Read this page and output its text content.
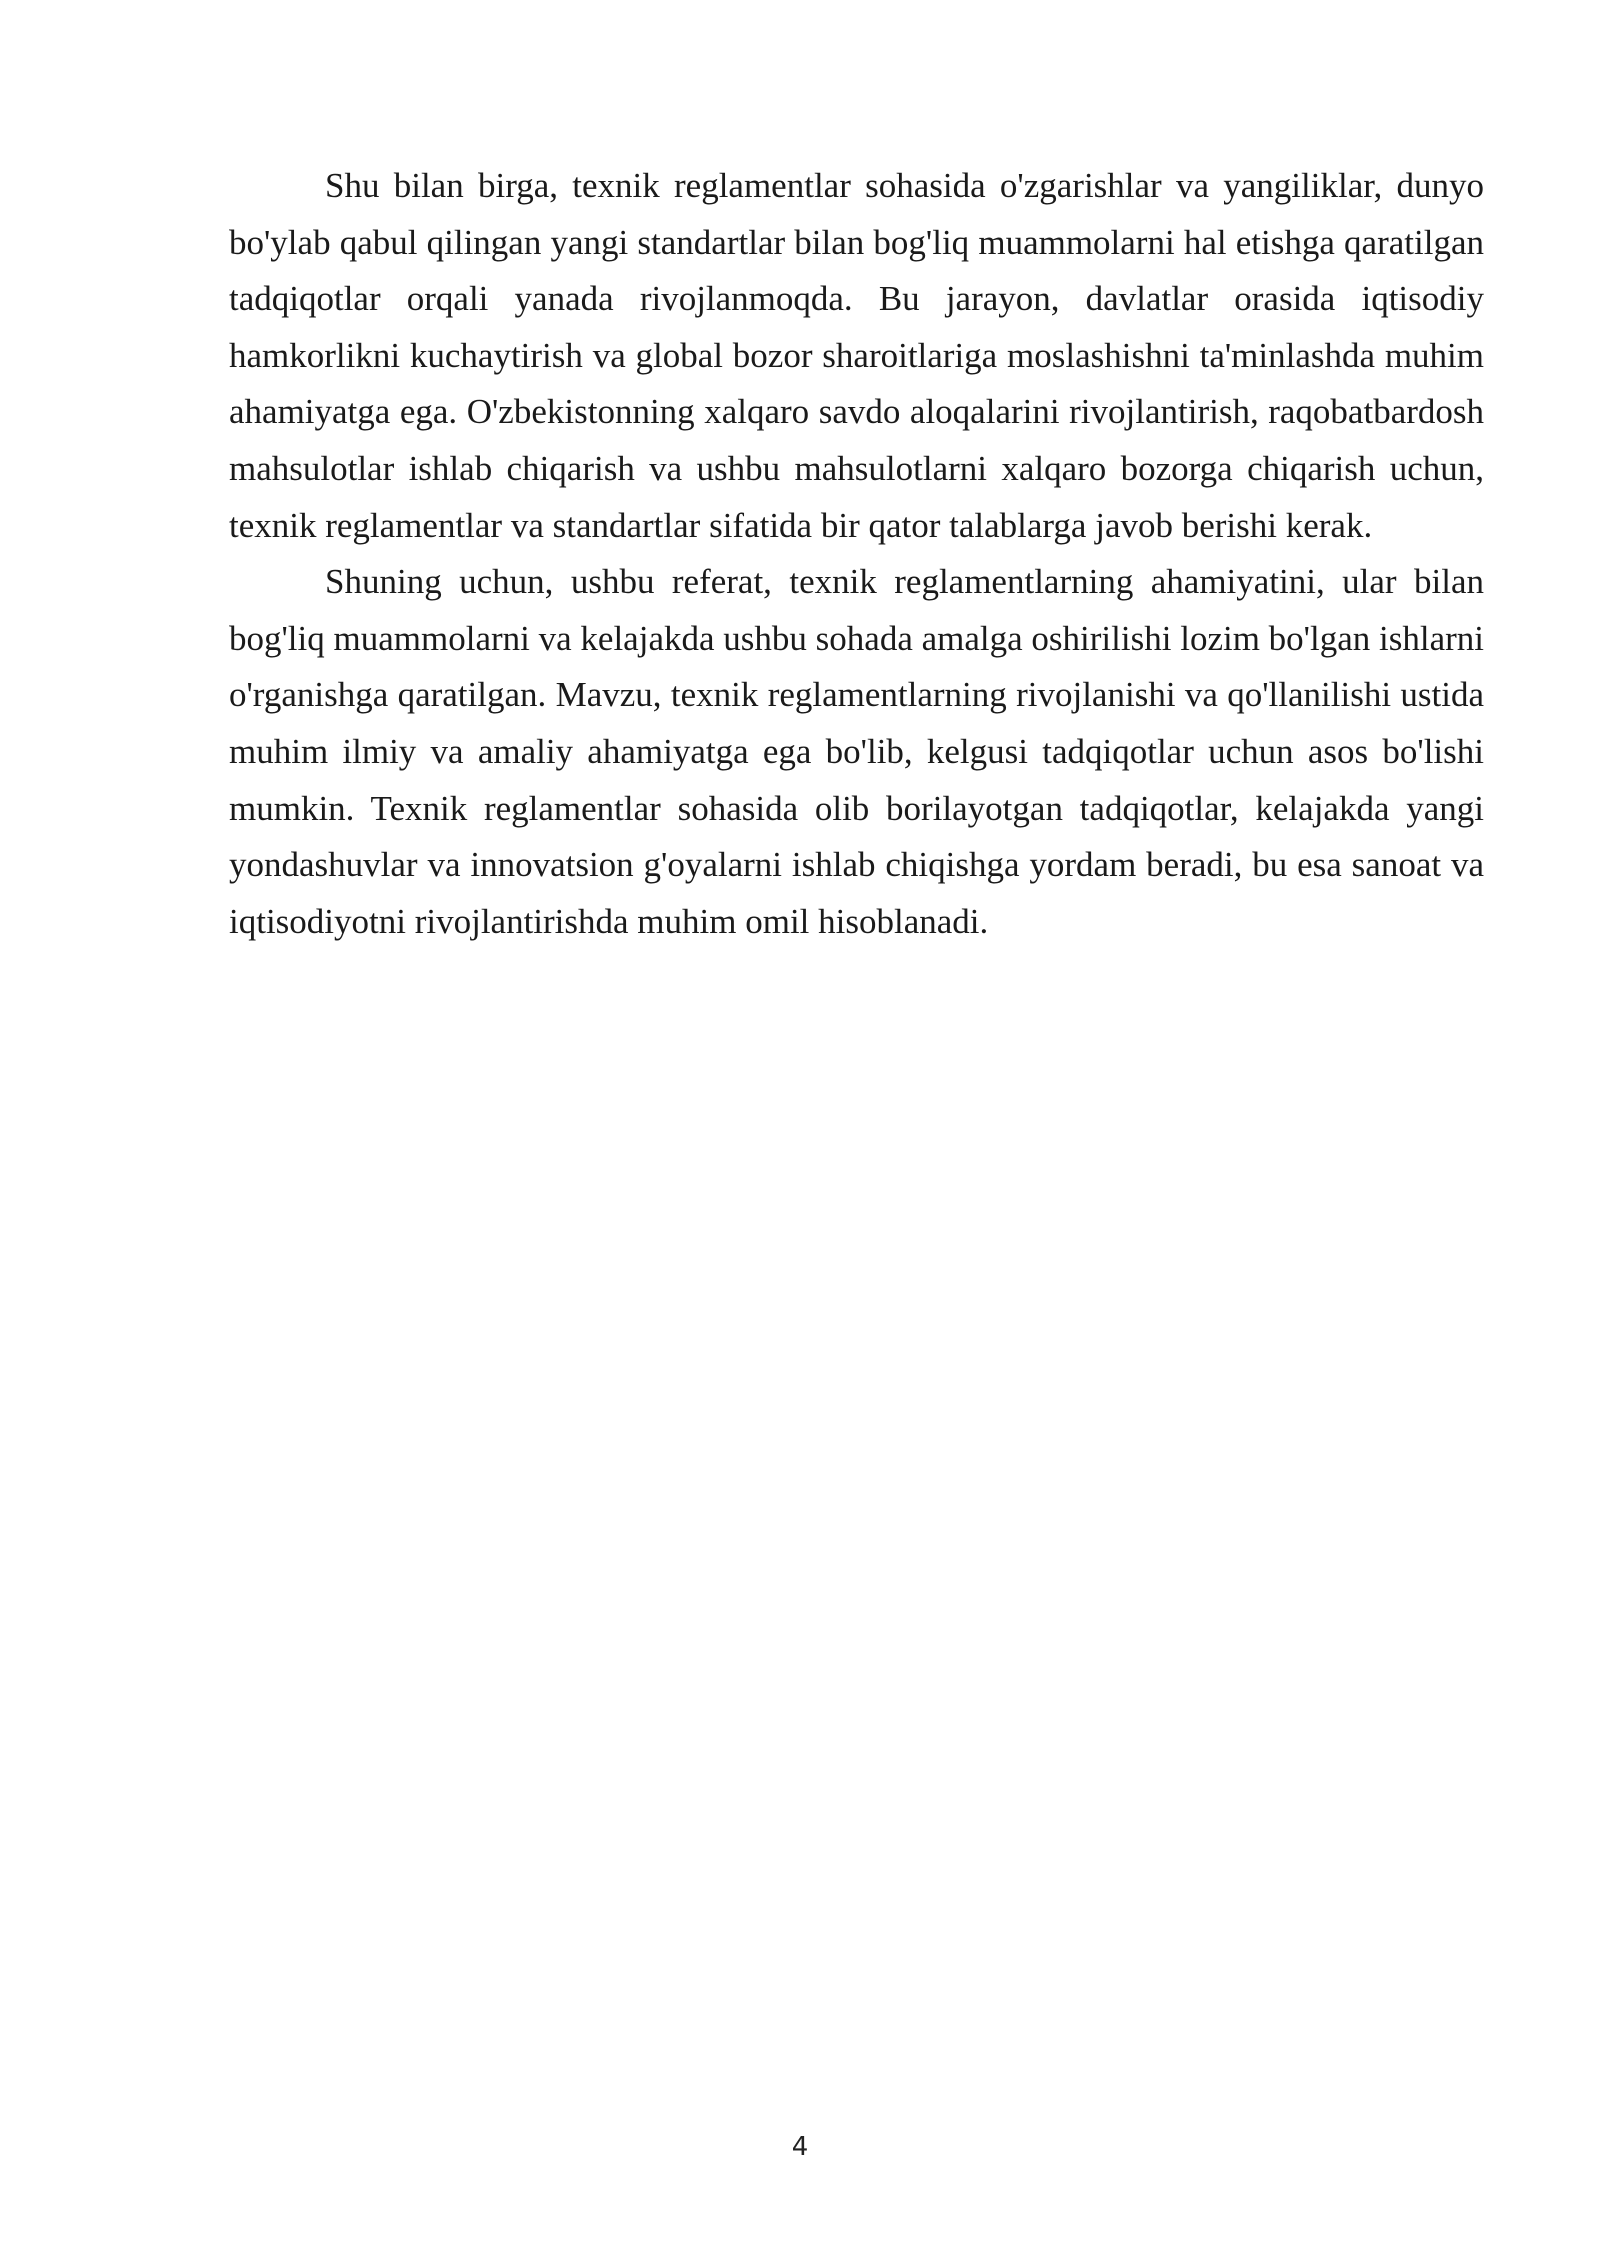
Shu bilan birga, texnik reglamentlar sohasida o'zgarishlar va yangiliklar, dunyo bo'ylab qabul qilingan yangi standartlar bilan bog'liq muammolarni hal etishga qaratilgan tadqiqotlar orqali yanada rivojlanmoqda. Bu jarayon, davlatlar orasida iqtisodiy hamkorlikni kuchaytirish va global bozor sharoitlariga moslashishni ta'minlashda muhim ahamiyatga ega. O'zbekistonning xalqaro savdo aloqalarini rivojlantirish, raqobatbardosh mahsulotlar ishlab chiqarish va ushbu mahsulotlarni xalqaro bozorga chiqarish uchun, texnik reglamentlar va standartlar sifatida bir qator talablarga javob berishi kerak.

Shuning uchun, ushbu referat, texnik reglamentlarning ahamiyatini, ular bilan bog'liq muammolarni va kelajakda ushbu sohada amalga oshirilishi lozim bo'lgan ishlarni o'rganishga qaratilgan. Mavzu, texnik reglamentlarning rivojlanishi va qo'llanilishi ustida muhim ilmiy va amaliy ahamiyatga ega bo'lib, kelgusi tadqiqotlar uchun asos bo'lishi mumkin. Texnik reglamentlar sohasida olib borilayotgan tadqiqotlar, kelajakda yangi yondashuvlar va innovatsion g'oyalarni ishlab chiqishga yordam beradi, bu esa sanoat va iqtisodiyotni rivojlantirishda muhim omil hisoblanadi.

4
